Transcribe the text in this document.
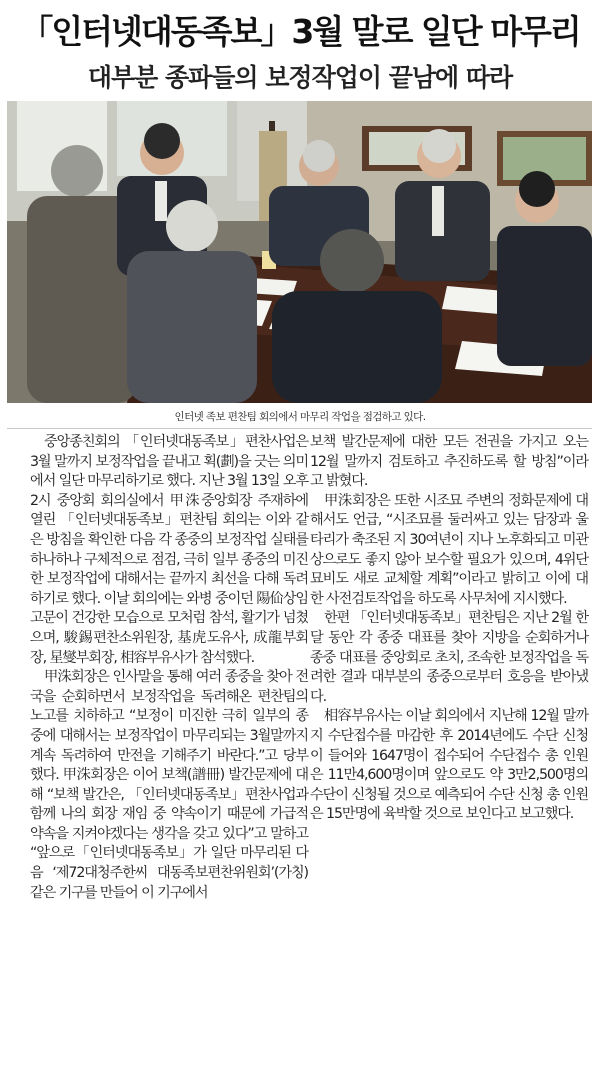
「인터넷대동족보」3월 말로 일단 마무리
대부분 종파들의 보정작업이 끝남에 따라
인터넷 족보 편찬팀 회의에서 마무리 작업을 점검하고 있다.

중앙종친회의 「인터넷대동족보」편찬사업은 3월 말까지 보정작업을 끝내고 획(劃)을 긋는 의미에서 일단 마무리하기로 했다. 지난 3월 13일 오후 2시 중앙회 회의실에서 甲洙중앙회장 주재하에 열린 「인터넷대동족보」편찬팀 회의는 이와 같은 방침을 확인한 다음 각 종중의 보정작업 실태를 하나하나 구체적으로 점검, 극히 일부 종중의 미진한 보정작업에 대해서는 끝까지 최선을 다해 독려하기로 했다. 이날 회의에는 와병 중이던 陽佡상임고문이 건강한 모습으로 모처럼 참석, 활기가 넘쳤으며, 駿錫편찬소위원장, 基虎도유사, 成龍부회장, 星燮부회장, 相容부유사가 참석했다.

甲洙회장은 인사말을 통해 여러 종중을 찾아 전국을 순회하면서 보정작업을 독려해온 편찬팀의 노고를 치하하고 “보정이 미진한 극히 일부의 종중에 대해서는 보정작업이 마무리되는 3월말까지 계속 독려하여 만전을 기해주기 바란다.”고 당부했다. 甲洙회장은 이어 보책(譜冊) 발간문제에 대해 “보책 발간은, 「인터넷대동족보」편찬사업과 함께 나의 회장 재임 중 약속이기 때문에 가급적 약속을 지켜야겠다는 생각을 갖고 있다”고 말하고 “앞으로「인터넷대동족보」가 일단 마무리된 다음 ‘제72대청주한씨 대동족보편찬위원회’(가칭) 같은 기구를 만들어 이 기구에서

보책 발간문제에 대한 모든 전권을 가지고 오는 12월 말까지 검토하고 추진하도록 할 방침”이라고 밝혔다.

甲洙회장은 또한 시조묘 주변의 정화문제에 대해서도 언급, “시조묘를 둘러싸고 있는 담장과 울타리가 축조된 지 30여년이 지나 노후화되고 미관상으로도 좋지 않아 보수할 필요가 있으며, 4위단 묘비도 새로 교체할 계획”이라고 밝히고 이에 대한 사전검토작업을 하도록 사무처에 지시했다.

한편 「인터넷대동족보」편찬팀은 지난 2월 한 달 동안 각 종중 대표를 찾아 지방을 순회하거나 종중 대표를 중앙회로 초치, 조속한 보정작업을 독려한 결과 대부분의 종중으로부터 호응을 받아냈다.

相容부유사는 이날 회의에서 지난해 12월 말까지 수단접수를 마감한 후 2014년에도 수단 신청이 들어와 1647명이 접수되어 수단접수 총 인원은 11만4,600명이며 앞으로도 약 3만2,500명의 수단이 신청될 것으로 예측되어 수단 신청 총 인원은 15만명에 육박할 것으로 보인다고 보고했다.
